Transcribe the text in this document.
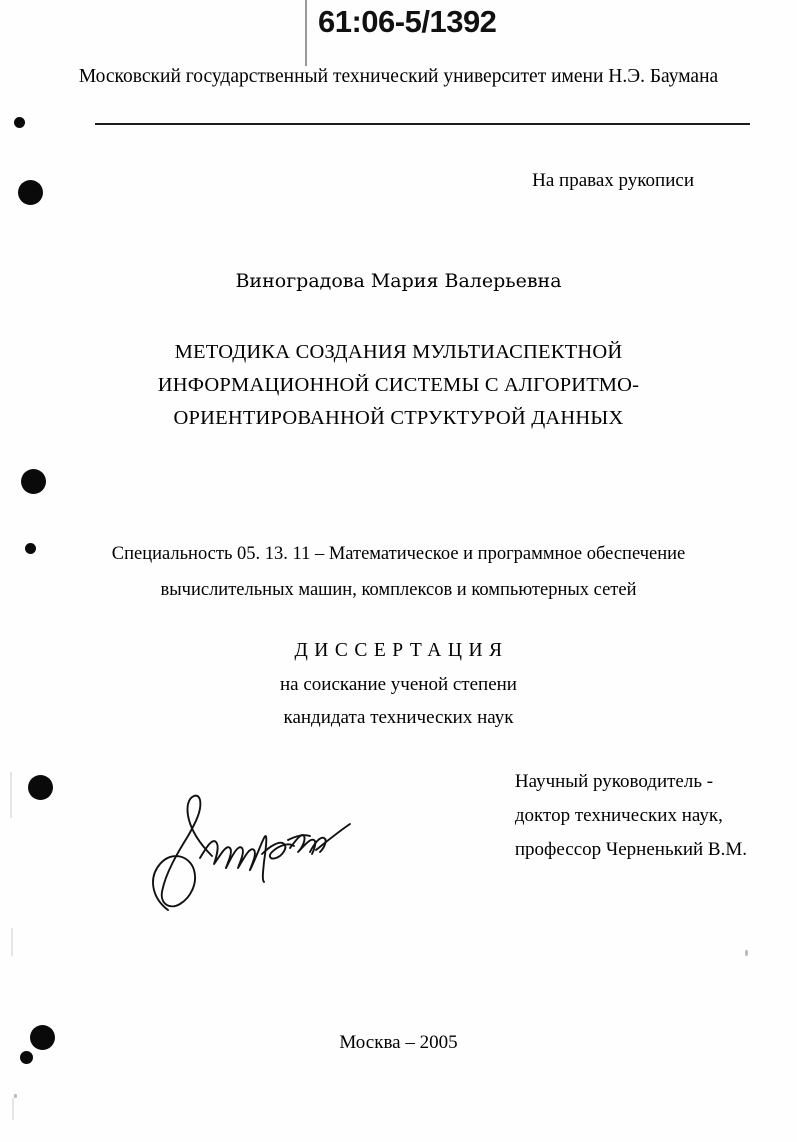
61:06-5/1392
Московский государственный технический университет имени Н.Э. Баумана
На правах рукописи
Виноградова Мария Валерьевна
МЕТОДИКА СОЗДАНИЯ МУЛЬТИАСПЕКТНОЙ
ИНФОРМАЦИОННОЙ СИСТЕМЫ С АЛГОРИТМО-
ОРИЕНТИРОВАННОЙ СТРУКТУРОЙ ДАННЫХ
Специальность 05. 13. 11 – Математическое и программное обеспечение
вычислительных машин, комплексов и компьютерных сетей
ДИССЕРТАЦИЯ
на соискание ученой степени
кандидата технических наук
Научный руководитель -
доктор технических наук,
профессор Черненький В.М.
Москва – 2005
